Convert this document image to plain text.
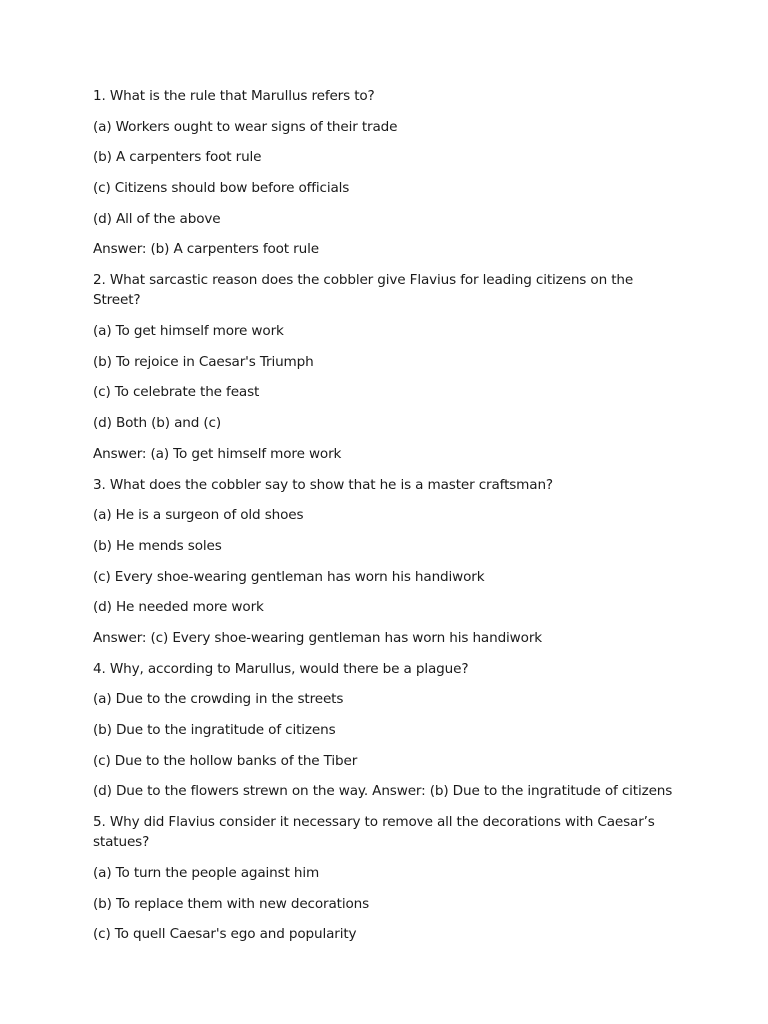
1. What is the rule that Marullus refers to?

(a) Workers ought to wear signs of their trade

(b) A carpenters foot rule

(c) Citizens should bow before officials

(d) All of the above

Answer: (b) A carpenters foot rule

2. What sarcastic reason does the cobbler give Flavius for leading citizens on the Street?

(a) To get himself more work

(b) To rejoice in Caesar's Triumph

(c) To celebrate the feast

(d) Both (b) and (c)

Answer: (a) To get himself more work

3. What does the cobbler say to show that he is a master craftsman?

(a) He is a surgeon of old shoes

(b) He mends soles

(c) Every shoe-wearing gentleman has worn his handiwork

(d) He needed more work

Answer: (c) Every shoe-wearing gentleman has worn his handiwork

4. Why, according to Marullus, would there be a plague?

(a) Due to the crowding in the streets

(b) Due to the ingratitude of citizens

(c) Due to the hollow banks of the Tiber

(d) Due to the flowers strewn on the way. Answer: (b) Due to the ingratitude of citizens

5. Why did Flavius consider it necessary to remove all the decorations with Caesar’s statues?

(a) To turn the people against him

(b) To replace them with new decorations

(c) To quell Caesar's ego and popularity
